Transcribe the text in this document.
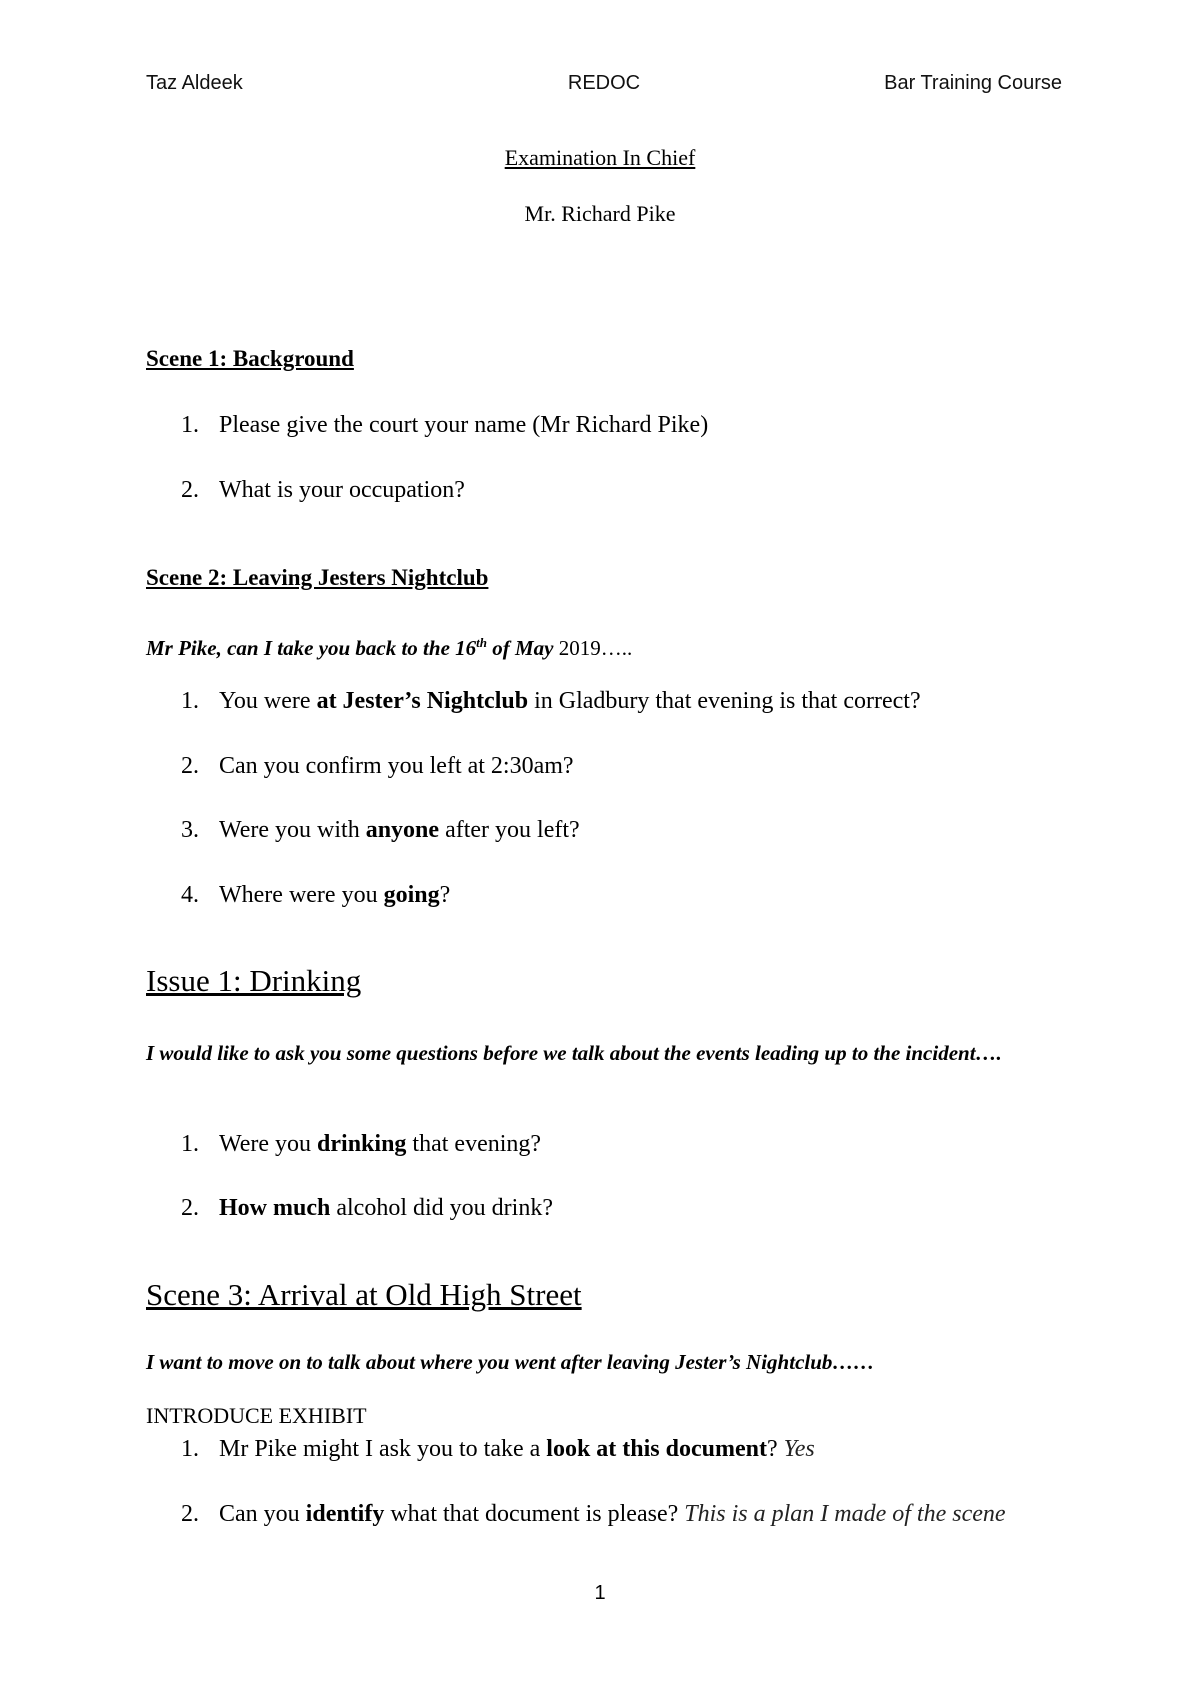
REDOC
Taz Aldeek	Bar Training Course
Examination In Chief
Mr. Richard Pike
Scene 1: Background
1. Please give the court your name (Mr Richard Pike)
2. What is your occupation?
Scene 2: Leaving Jesters Nightclub
Mr Pike, can I take you back to the 16th of May 2019…..
1. You were at Jester’s Nightclub in Gladbury that evening is that correct?
2. Can you confirm you left at 2:30am?
3. Were you with anyone after you left?
4. Where were you going?
Issue 1: Drinking
I would like to ask you some questions before we talk about the events leading up to the incident….
1. Were you drinking that evening?
2. How much alcohol did you drink?
Scene 3: Arrival at Old High Street
I want to move on to talk about where you went after leaving Jester’s Nightclub……
INTRODUCE EXHIBIT
1. Mr Pike might I ask you to take a look at this document? Yes
2. Can you identify what that document is please? This is a plan I made of the scene
1
